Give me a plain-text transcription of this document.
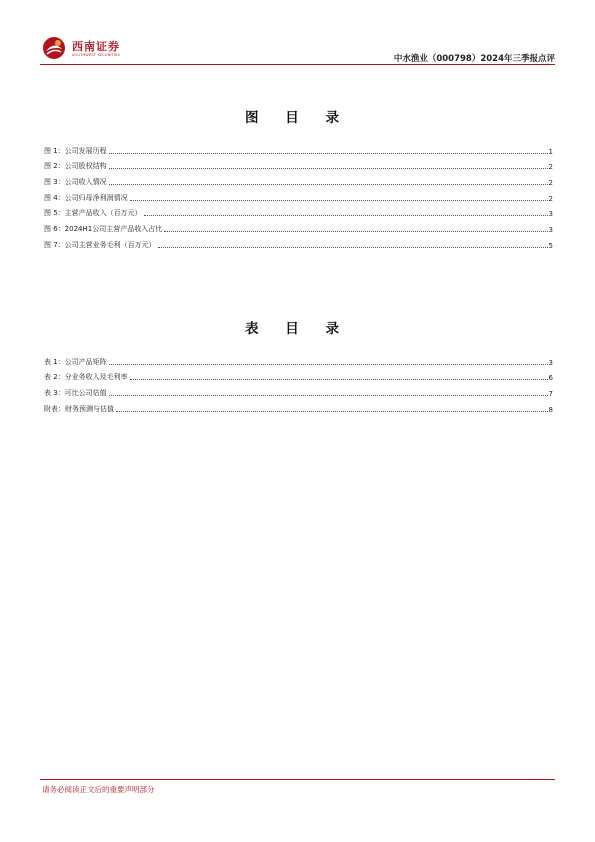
西南证券
SOUTHWEST SECURITIES	中水渔业（000798）2024年三季报点评
图 目 录
图 1：公司发展历程	1
图 2：公司股权结构	2
图 3：公司收入情况	2
图 4：公司归母净利润情况	2
图 5：主营产品收入（百万元）	3
图 6：2024H1公司主营产品收入占比	3
图 7：公司主营业务毛利（百万元）	5
表 目 录
表 1：公司产品矩阵	3
表 2：分业务收入及毛利率	6
表 3：可比公司估值	7
附表：财务预测与估值	8
请务必阅读正文后的重要声明部分
